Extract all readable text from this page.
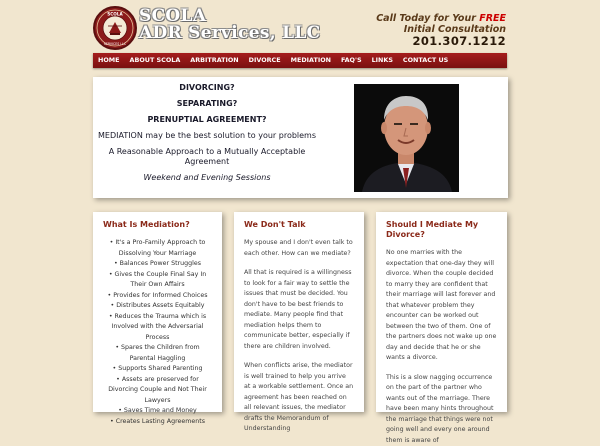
SCOLA
SERVICES LLC
SCOLA
ADR Services, LLC
Call Today for Your FREE
Initial Consultation
201.307.1212
HOME	ABOUT SCOLA	ARBITRATION	DIVORCE	MEDIATION	FAQ'S	LINKS	CONTACT US
DIVORCING?
SEPARATING?
PRENUPTIAL AGREEMENT?
MEDIATION may be the best solution to your problems
A Reasonable Approach to a Mutually Acceptable Agreement
Weekend and Evening Sessions
What Is Mediation?
• It's a Pro-Family Approach to Dissolving Your Marriage
• Balances Power Struggles
• Gives the Couple Final Say In Their Own Affairs
• Provides for Informed Choices
• Distributes Assets Equitably
• Reduces the Trauma which is Involved with the Adversarial Process
• Spares the Children from Parental Haggling
• Supports Shared Parenting
• Assets are preserved for Divorcing Couple and Not Their Lawyers
• Saves Time and Money
• Creates Lasting Agreements
We Don't Talk

My spouse and I don't even talk to each other. How can we mediate?

All that is required is a willingness to look for a fair way to settle the issues that must be decided. You don't have to be best friends to mediate. Many people find that mediation helps them to communicate better, especially if there are children involved.

When conflicts arise, the mediator is well trained to help you arrive at a workable settlement. Once an agreement has been reached on all relevant issues, the mediator drafts the Memorandum of Understanding

Should I Mediate My Divorce?

No one marries with the expectation that one-day they will divorce. When the couple decided to marry they are confident that their marriage will last forever and that whatever problem they encounter can be worked out between the two of them. One of the partners does not wake up one day and decide that he or she wants a divorce.

This is a slow nagging occurrence on the part of the partner who wants out of the marriage. There have been many hints throughout the marriage that things were not going well and every one around them is aware of
